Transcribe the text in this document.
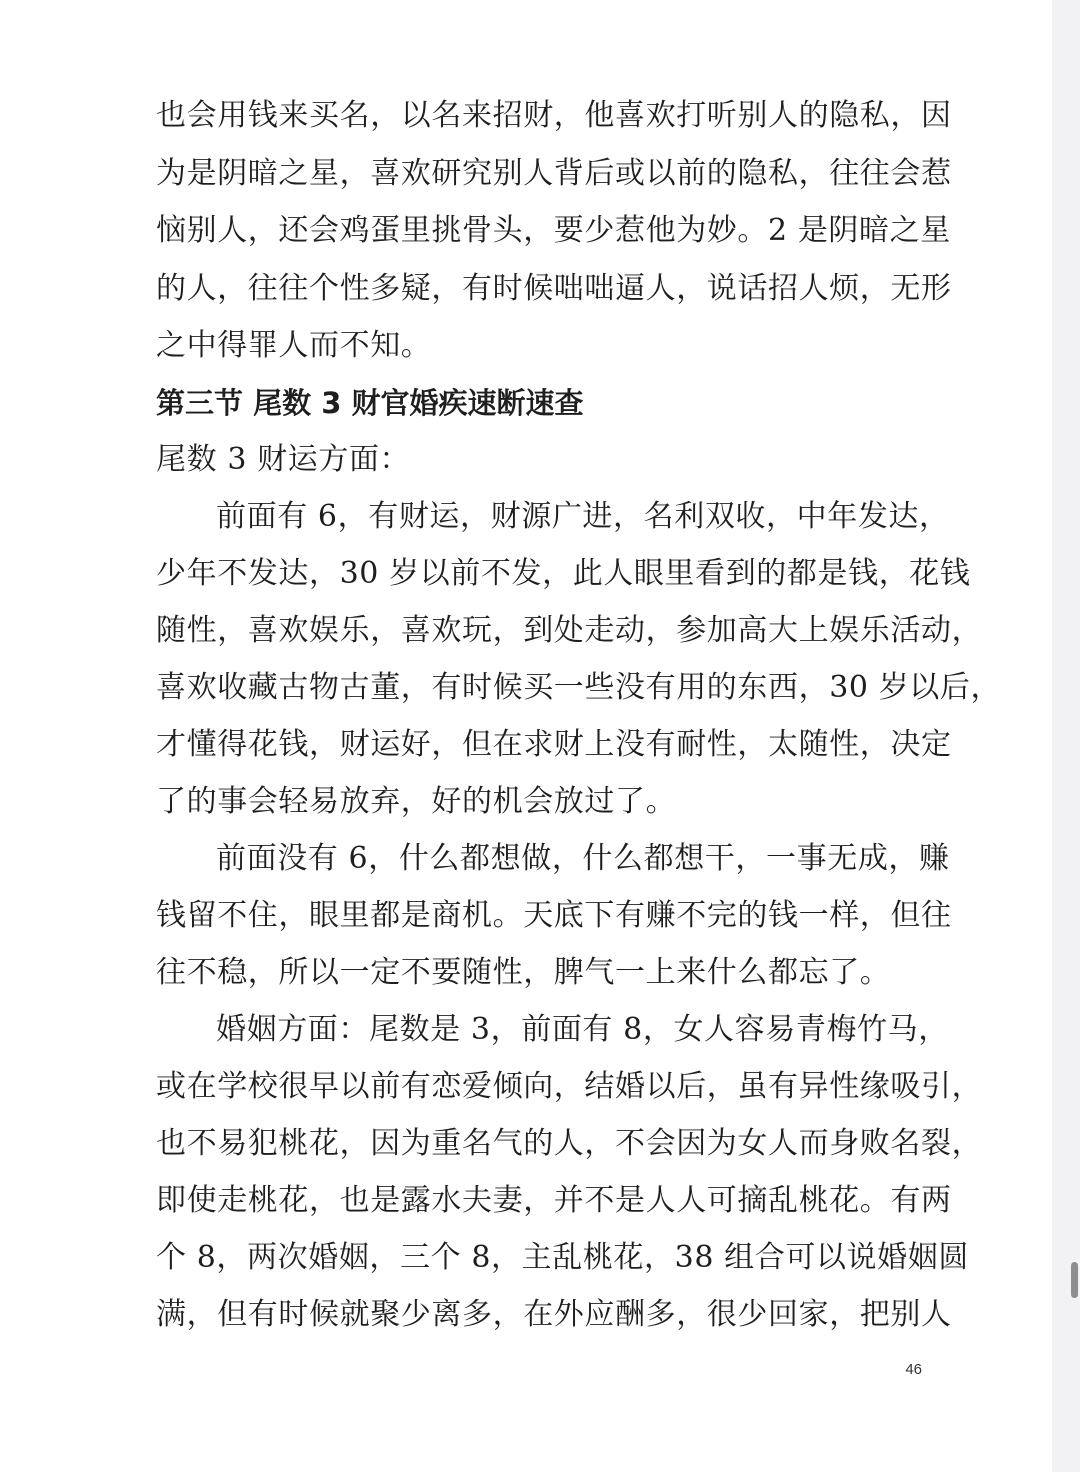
也会用钱来买名，以名来招财，他喜欢打听别人的隐私，因
为是阴暗之星，喜欢研究别人背后或以前的隐私，往往会惹
恼别人，还会鸡蛋里挑骨头，要少惹他为妙。2 是阴暗之星
的人，往往个性多疑，有时候咄咄逼人，说话招人烦，无形
之中得罪人而不知。
第三节 尾数 3 财官婚疾速断速查
尾数 3 财运方面：
前面有 6，有财运，财源广进，名利双收，中年发达，
少年不发达，30 岁以前不发，此人眼里看到的都是钱，花钱
随性，喜欢娱乐，喜欢玩，到处走动，参加高大上娱乐活动，
喜欢收藏古物古董，有时候买一些没有用的东西，30 岁以后，
才懂得花钱，财运好，但在求财上没有耐性，太随性，决定
了的事会轻易放弃，好的机会放过了。
前面没有 6，什么都想做，什么都想干，一事无成，赚
钱留不住，眼里都是商机。天底下有赚不完的钱一样，但往
往不稳，所以一定不要随性，脾气一上来什么都忘了。
婚姻方面：尾数是 3，前面有 8，女人容易青梅竹马，
或在学校很早以前有恋爱倾向，结婚以后，虽有异性缘吸引，
也不易犯桃花，因为重名气的人，不会因为女人而身败名裂，
即使走桃花，也是露水夫妻，并不是人人可摘乱桃花。有两
个 8，两次婚姻，三个 8，主乱桃花，38 组合可以说婚姻圆
满，但有时候就聚少离多，在外应酬多，很少回家，把别人
46
